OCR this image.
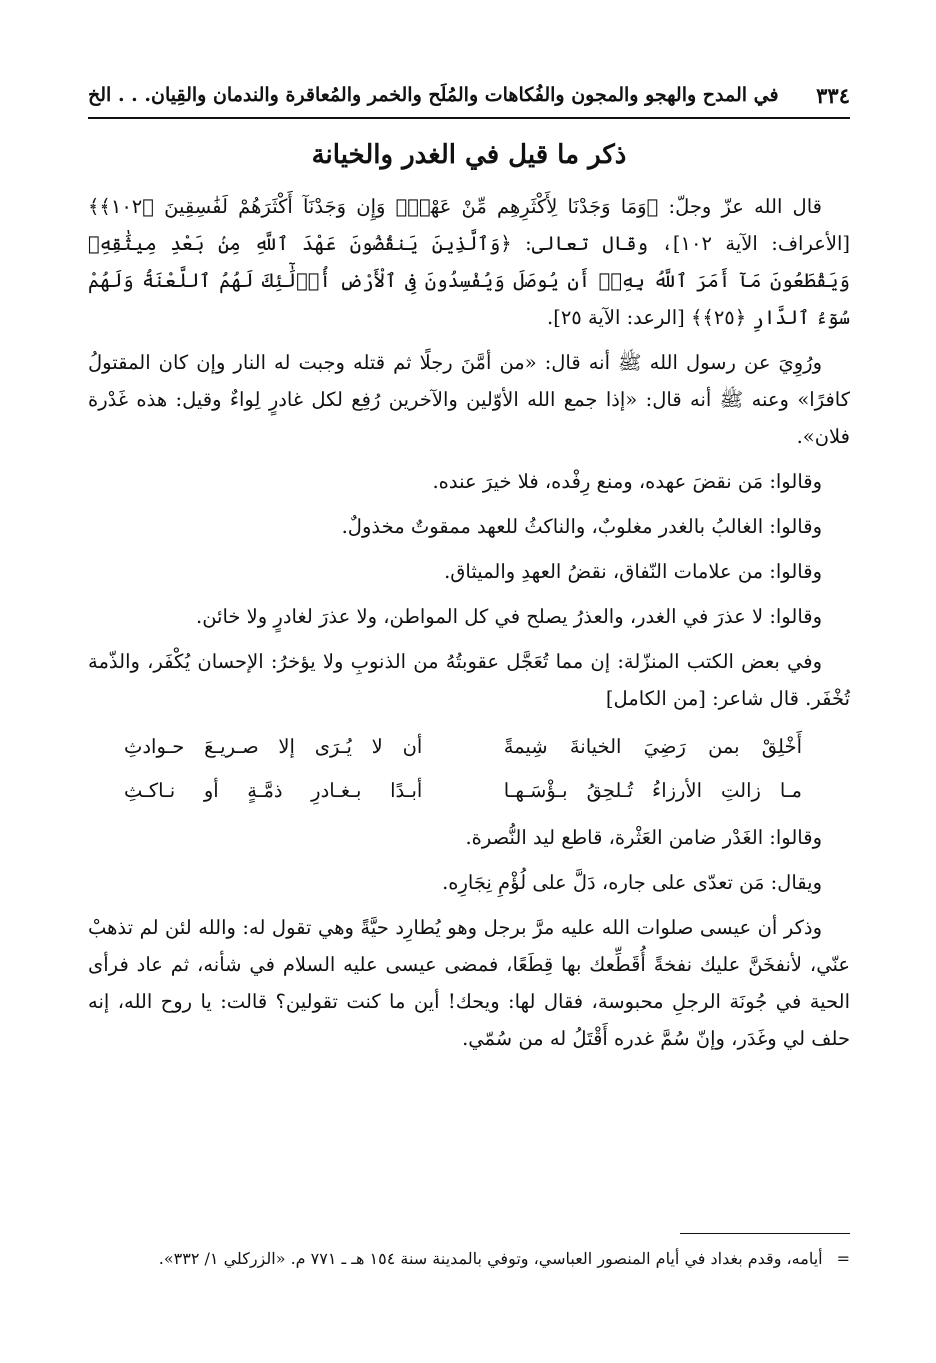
٣٣٤
في المدح والهجو والمجون والفُكاهات والمُلَح والخمر والمُعاقرة والندمان والقِيان. . . الخ
ذكر ما قيل في الغدر والخيانة

قال الله عزّ وجلّ: ﴿وَمَا وَجَدْنَا لِأَكْثَرِهِم مِّنْ عَهْدٍۖ وَإِن وَجَدْنَآ أَكْثَرَهُمْ لَفَٰسِقِينَ ﴿١٠٢﴾﴾ [الأعراف: الآية ١٠٢]، وقال تعالى: ﴿وَٱلَّذِينَ يَنقُضُونَ عَهْدَ ٱللَّهِ مِنۢ بَعْدِ مِيثَٰقِهِۦ وَيَقْطَعُونَ مَآ أَمَرَ ٱللَّهُ بِهِۦٓ أَن يُوصَلَ وَيُفْسِدُونَ فِى ٱلْأَرْضِ أُو۟لَٰٓئِكَ لَهُمُ ٱللَّعْنَةُ وَلَهُمْ سُوٓءُ ٱلدَّارِ ﴿٢٥﴾﴾ [الرعد: الآية ٢٥].

ورُوِيَ عن رسول الله ﷺ أنه قال: «من أمَّنَ رجلًا ثم قتله وجبت له النار وإن كان المقتولُ كافرًا» وعنه ﷺ أنه قال: «إذا جمع الله الأوّلين والآخرين رُفِع لكل غادرٍ لِواءٌ وقيل: هذه غَدْرة فلان».

وقالوا: مَن نقضَ عهده، ومنع رِفْده، فلا خيرَ عنده.

وقالوا: الغالبُ بالغدر مغلوبٌ، والناكثُ للعهد ممقوتٌ مخذولٌ.

وقالوا: من علامات النّفاق، نقضُ العهدِ والميثاق.

وقالوا: لا عذرَ في الغدر، والعذرُ يصلح في كل المواطن، ولا عذرَ لغادرٍ ولا خائن.

وفي بعض الكتب المنزّلة: إن مما تُعَجَّل عقوبتُهُ من الذنوبِ ولا يؤخرُ: الإحسان يُكْفَر، والذّمة تُخْفَر. قال شاعر: [من الكامل]

أَخْلِقْ بمن رَضِيَ الخيانةَ شِيمةً
أن لا يُـرَى إلا صـريـعَ حـوادثِ
مـا زالتِ الأرزاءُ تُـلحِقُ بـؤْسَـهـا
أبـدًا بـغـادرِ ذمَّـةٍ أو نـاكـثِ

وقالوا: الغَدْر ضامن العَثْرة، قاطع ليد النُّصرة.

ويقال: مَن تعدّى على جاره، دَلَّ على لُؤْمِ نِجَارِه.

وذكر أن عيسى صلوات الله عليه مرَّ برجل وهو يُطارِد حيَّةً وهي تقول له: والله لئن لم تذهبْ عنّي، لأنفخَنَّ عليك نفخةً أُقَطِّعك بها قِطَعًا، فمضى عيسى عليه السلام في شأنه، ثم عاد فرأى الحية في جُونَة الرجلِ محبوسة، فقال لها: ويحك! أين ما كنت تقولين؟ قالت: يا روح الله، إنه حلف لي وغَدَر، وإنّ سُمَّ غدره أَقْتَلُ له من سُمّي.

=أيامه، وقدم بغداد في أيام المنصور العباسي، وتوفي بالمدينة سنة ١٥٤ هـ ـ ٧٧١ م. «الزركلي ١/ ٣٣٢».
